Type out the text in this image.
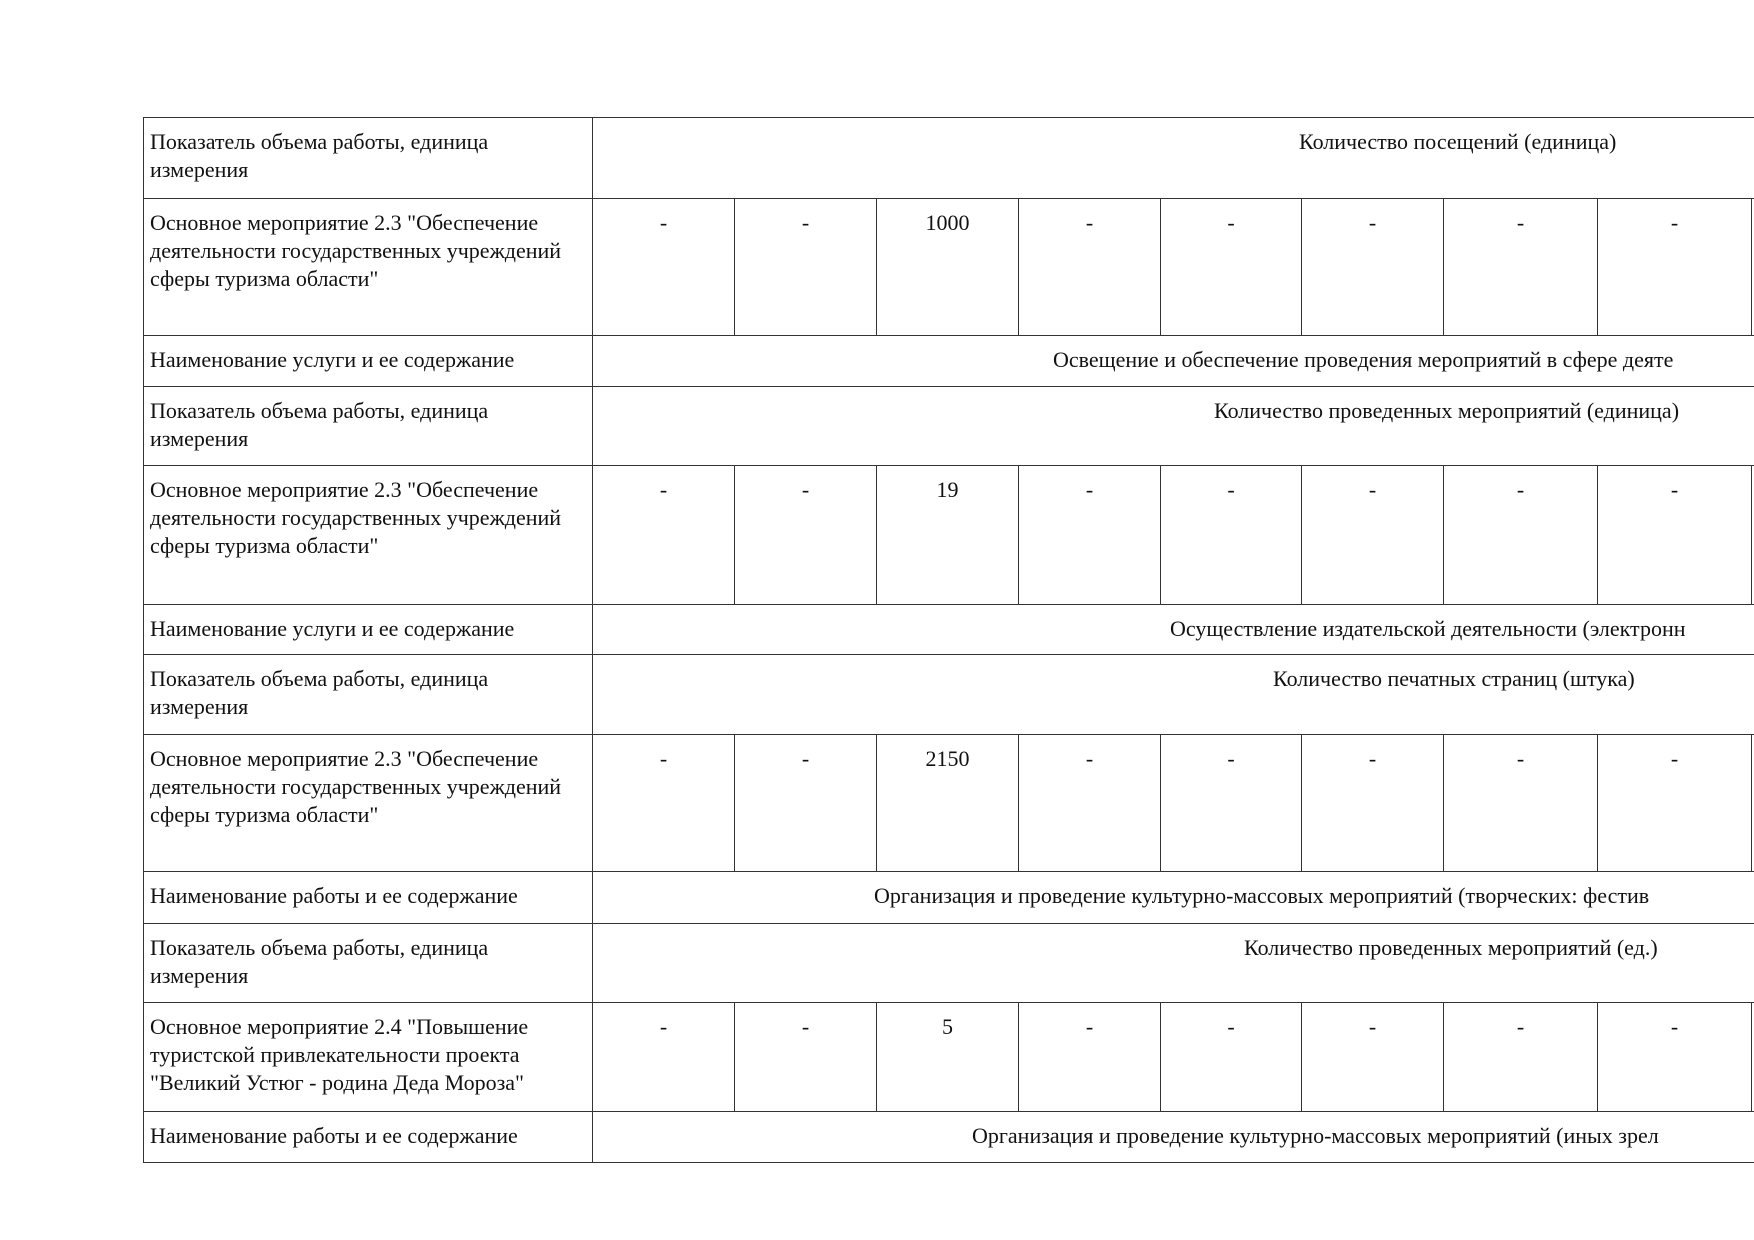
Показатель объема работы, единица измерения	Количество посещений (единица)											

Основное мероприятие 2.3 "Обеспечение деятельности государственных учреждений сферы туризма области"	-	-	1000	-	-	-	-	-				
Наименование услуги и ее содержание	Освещение и обеспечение проведения мероприятий в сфере деяте											

Показатель объема работы, единица измерения	Количество проведенных мероприятий (единица)											

Основное мероприятие 2.3 "Обеспечение деятельности государственных учреждений сферы туризма области"	-	-	19	-	-	-	-	-				
Наименование услуги и ее содержание	Осуществление издательской деятельности (электронн											

Показатель объема работы, единица измерения	Количество печатных страниц (штука)											

Основное мероприятие 2.3 "Обеспечение деятельности государственных учреждений сферы туризма области"	-	-	2150	-	-	-	-	-				
Наименование работы и ее содержание	Организация и проведение культурно-массовых мероприятий (творческих: фестив											

Показатель объема работы, единица измерения	Количество проведенных мероприятий (ед.)											

Основное мероприятие 2.4 "Повышение туристской привлекательности проекта "Великий Устюг - родина Деда Мороза"	-	-	5	-	-	-	-	-				
Наименование работы и ее содержание	Организация и проведение культурно-массовых мероприятий (иных зрел											
